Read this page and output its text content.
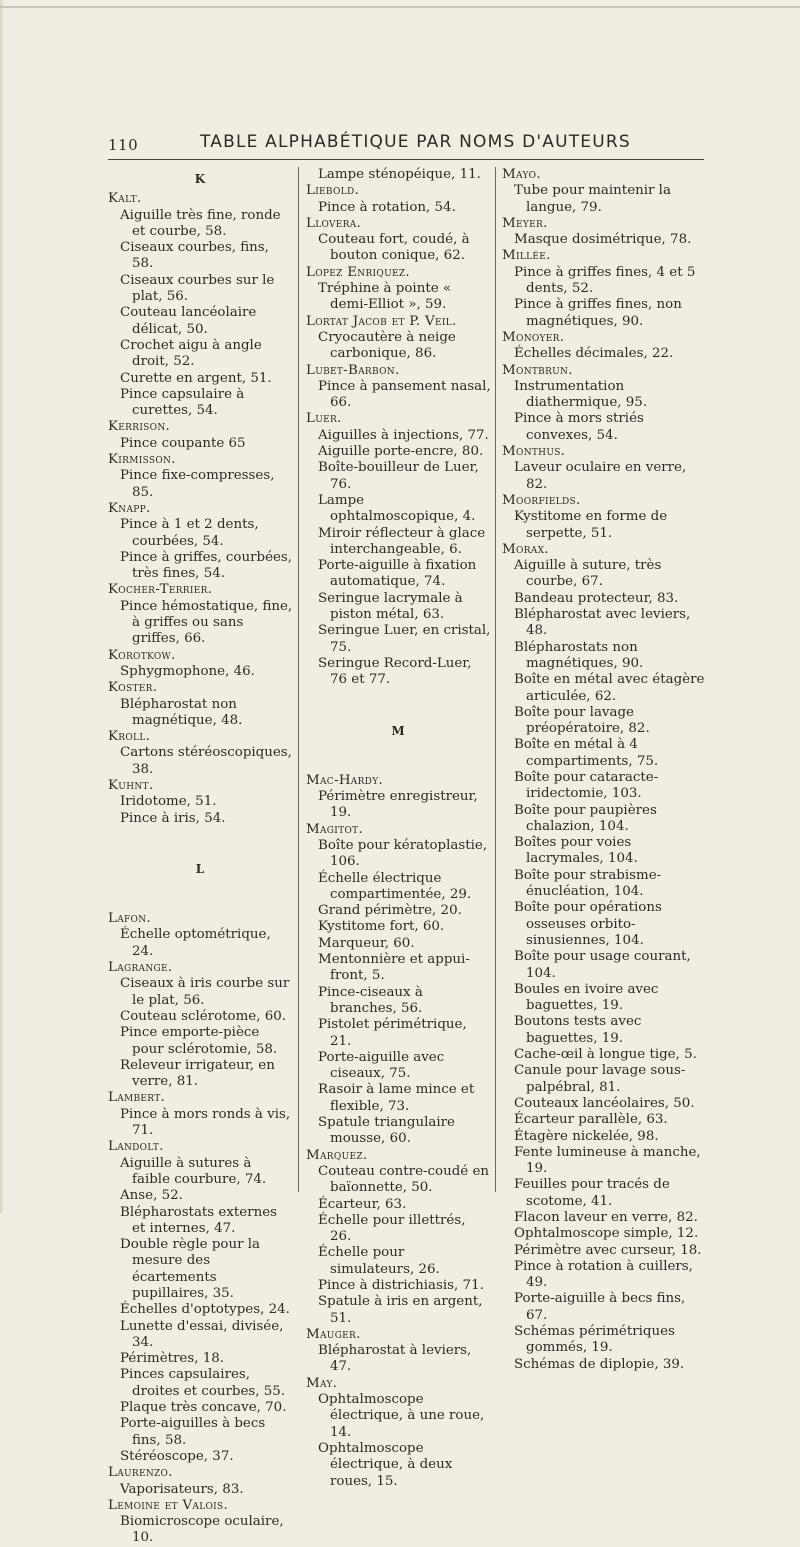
110	TABLE ALPHABÉTIQUE PAR NOMS D'AUTEURS
K
Kalt.
Aiguille très fine, ronde et courbe, 58.
Ciseaux courbes, fins, 58.
Ciseaux courbes sur le plat, 56.
Couteau lancéolaire délicat, 50.
Crochet aigu à angle droit, 52.
Curette en argent, 51.
Pince capsulaire à curettes, 54.
Kerrison.
Pince coupante 65
Kirmisson.
Pince fixe-compresses, 85.
Knapp.
Pince à 1 et 2 dents, courbées, 54.
Pince à griffes, courbées, très fines, 54.
Kocher-Terrier.
Pince hémostatique, fine, à griffes ou sans griffes, 66.
Korotkow.
Sphygmophone, 46.
Koster.
Blépharostat non magnétique, 48.
Kroll.
Cartons stéréoscopiques, 38.
Kuhnt.
Iridotome, 51.
Pince à iris, 54.
L
Lafon.
Échelle optométrique, 24.
Lagrange.
Ciseaux à iris courbe sur le plat, 56.
Couteau sclérotome, 60.
Pince emporte-pièce pour sclérotomie, 58.
Releveur irrigateur, en verre, 81.
Lambert.
Pince à mors ronds à vis, 71.
Landolt.
Aiguille à sutures à faible courbure, 74.
Anse, 52.
Blépharostats externes et internes, 47.
Double règle pour la mesure des écartements pupillaires, 35.
Échelles d'optotypes, 24.
Lunette d'essai, divisée, 34.
Périmètres, 18.
Pinces capsulaires, droites et courbes, 55.
Plaque très concave, 70.
Porte-aiguilles à becs fins, 58.
Stéréoscope, 37.
Laurenzo.
Vaporisateurs, 83.
Lemoine et Valois.
Biomicroscope oculaire, 10.
Lampe sténopéique, 11.
Liebold.
Pince à rotation, 54.
Llovera.
Couteau fort, coudé, à bouton conique, 62.
Lopez Enriquez.
Tréphine à pointe « demi-Elliot », 59.
Lortat Jacob et P. Veil.
Cryocautère à neige carbonique, 86.
Lubet-Barbon.
Pince à pansement nasal, 66.
Luer.
Aiguilles à injections, 77.
Aiguille porte-encre, 80.
Boîte-bouilleur de Luer, 76.
Lampe ophtalmoscopique, 4.
Miroir réflecteur à glace interchangeable, 6.
Porte-aiguille à fixation automatique, 74.
Seringue lacrymale à piston métal, 63.
Seringue Luer, en cristal, 75.
Seringue Record-Luer, 76 et 77.
M
Mac-Hardy.
Périmètre enregistreur, 19.
Magitot.
Boîte pour kératoplastie, 106.
Échelle électrique compartimentée, 29.
Grand périmètre, 20.
Kystitome fort, 60.
Marqueur, 60.
Mentonnière et appui-front, 5.
Pince-ciseaux à branches, 56.
Pistolet périmétrique, 21.
Porte-aiguille avec ciseaux, 75.
Rasoir à lame mince et flexible, 73.
Spatule triangulaire mousse, 60.
Marquez.
Couteau contre-coudé en baïonnette, 50.
Écarteur, 63.
Échelle pour illettrés, 26.
Échelle pour simulateurs, 26.
Pince à districhiasis, 71.
Spatule à iris en argent, 51.
Mauger.
Blépharostat à leviers, 47.
May.
Ophtalmoscope électrique, à une roue, 14.
Ophtalmoscope électrique, à deux roues, 15.
Mayo.
Tube pour maintenir la langue, 79.
Meyer.
Masque dosimétrique, 78.
Millée.
Pince à griffes fines, 4 et 5 dents, 52.
Pince à griffes fines, non magnétiques, 90.
Monoyer.
Échelles décimales, 22.
Montbrun.
Instrumentation diathermique, 95.
Pince à mors striés convexes, 54.
Monthus.
Laveur oculaire en verre, 82.
Moorfields.
Kystitome en forme de serpette, 51.
Morax.
Aiguille à suture, très courbe, 67.
Bandeau protecteur, 83.
Blépharostat avec leviers, 48.
Blépharostats non magnétiques, 90.
Boîte en métal avec étagère articulée, 62.
Boîte pour lavage préopératoire, 82.
Boîte en métal à 4 compartiments, 75.
Boîte pour cataracte-iridectomie, 103.
Boîte pour paupières chalazion, 104.
Boîtes pour voies lacrymales, 104.
Boîte pour strabisme-énucléation, 104.
Boîte pour opérations osseuses orbito-sinusiennes, 104.
Boîte pour usage courant, 104.
Boules en ivoire avec baguettes, 19.
Boutons tests avec baguettes, 19.
Cache-œil à longue tige, 5.
Canule pour lavage sous-palpébral, 81.
Couteaux lancéolaires, 50.
Écarteur parallèle, 63.
Étagère nickelée, 98.
Fente lumineuse à manche, 19.
Feuilles pour tracés de scotome, 41.
Flacon laveur en verre, 82.
Ophtalmoscope simple, 12.
Périmètre avec curseur, 18.
Pince à rotation à cuillers, 49.
Porte-aiguille à becs fins, 67.
Schémas périmétriques gommés, 19.
Schémas de diplopie, 39.
